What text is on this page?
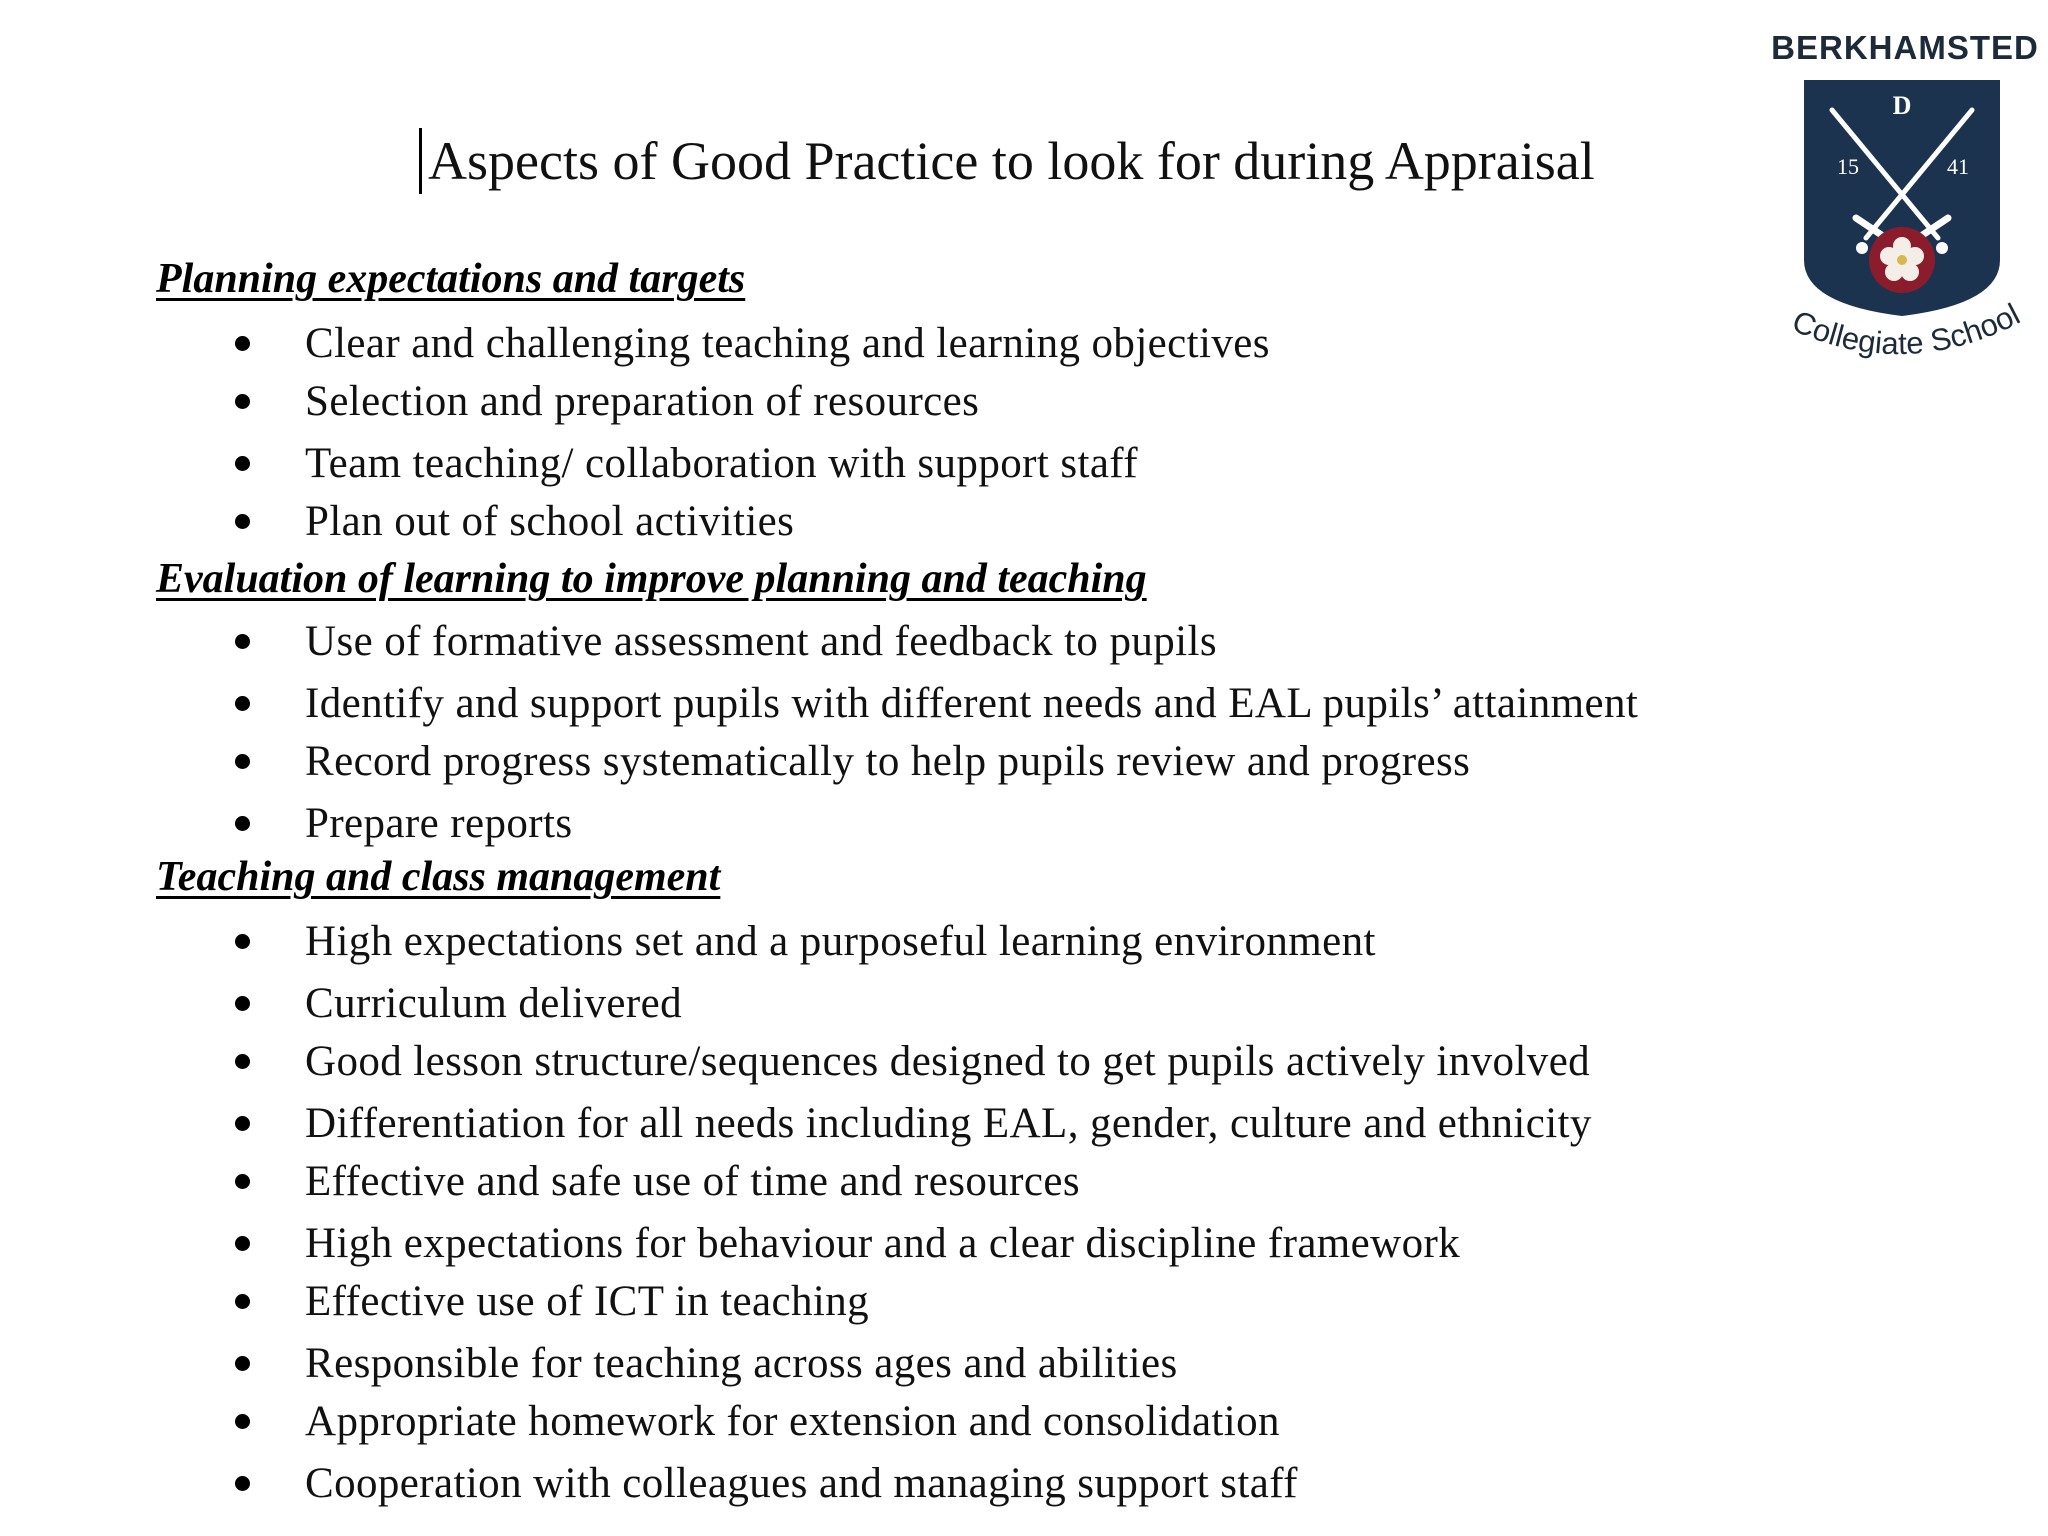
BERKHAMSTED
D
15	41
Collegiate School
Aspects of Good Practice to look for during Appraisal
Planning expectations and targets
Clear and challenging teaching and learning objectives
Selection and preparation of resources
Team teaching/ collaboration with support staff
Plan out of school activities
Evaluation of learning to improve planning and teaching
Use of formative assessment and feedback to pupils
Identify and support pupils with different needs and EAL pupils’ attainment
Record progress systematically to help pupils review and progress
Prepare reports
Teaching and class management
High expectations set and a purposeful learning environment
Curriculum delivered
Good lesson structure/sequences designed to get pupils actively involved
Differentiation for all needs including EAL, gender, culture and ethnicity
Effective and safe use of time and resources
High expectations for behaviour and a clear discipline framework
Effective use of ICT in teaching
Responsible for teaching across ages and abilities
Appropriate homework for extension and consolidation
Cooperation with colleagues and managing support staff
